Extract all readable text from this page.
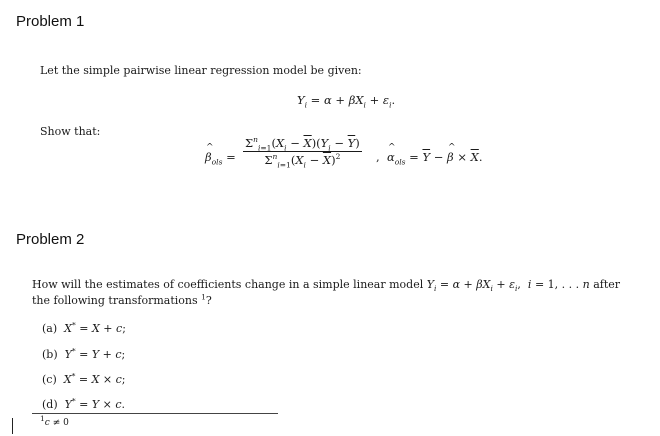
Problem 1
Let the simple pairwise linear regression model be given:
$Y_i = \alpha + \beta X_i + \varepsilon_i$.
Show that:
^ $\beta_{ols}$ =
$\Sigma^n_{i=1}(X_i - \overline{X})(Y_i - \overline{Y})$
$\Sigma^n_{i=1}(X_i - \overline{X})^2$	,  ^ $\alpha_{ols} = \overline{Y}$ − ^ $\beta \times \overline{X}$.
Problem 2
How will the estimates of coefficients change in a simple linear model $Y_i = \alpha + \beta X_i + \varepsilon_i$,  i = 1, . . . n after
the following transformations $^1$?
(a) X* = X + c;
(b) Y* = Y + c;
(c) X* = X × c;
(d) Y* = Y × c.
$^1$c ≠ 0
